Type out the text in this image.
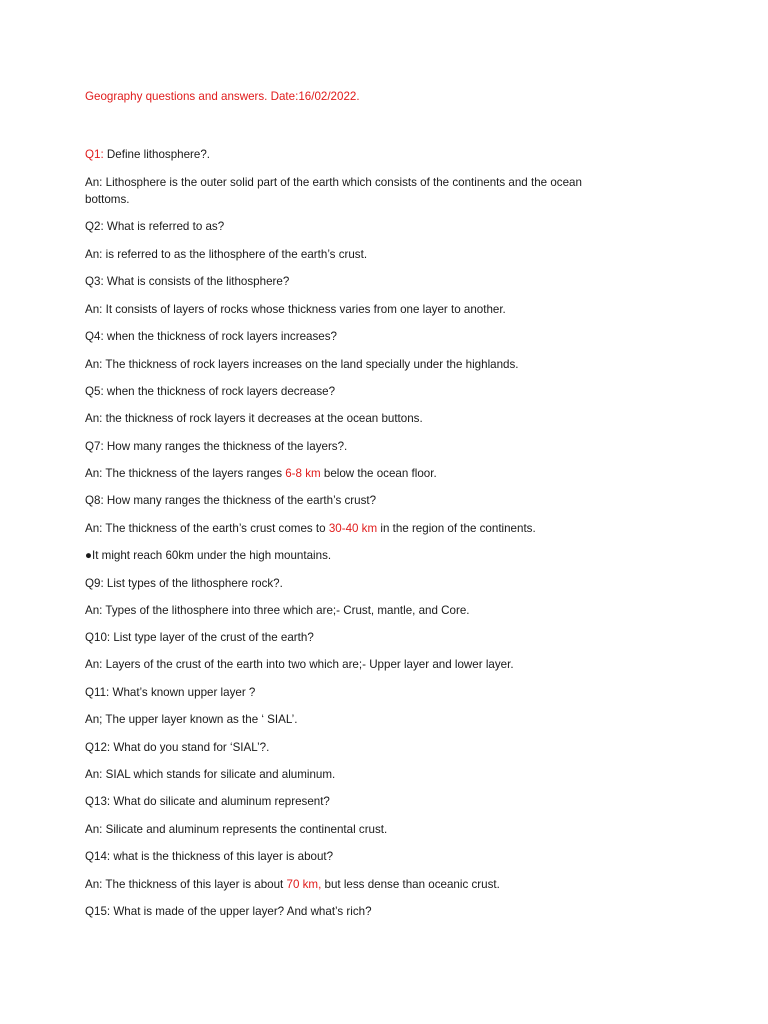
Geography questions and answers. Date:16/02/2022.
Q1: Define lithosphere?.
An: Lithosphere is the outer solid part of the earth which consists of the continents and the ocean bottoms.
Q2: What is referred to as?
An: is referred to as the lithosphere of the earth’s crust.
Q3: What is consists of the lithosphere?
An: It consists of layers of rocks whose thickness varies from one layer to another.
Q4: when the thickness of rock layers increases?
An: The thickness of rock layers increases on the land specially under the highlands.
Q5: when the thickness of rock layers decrease?
An: the thickness of rock layers it decreases at the ocean buttons.
Q7: How many ranges the thickness of the layers?.
An: The thickness of the layers ranges 6-8 km below the ocean floor.
Q8: How many ranges the thickness of the earth’s crust?
An: The thickness of the earth’s crust comes to 30-40 km in the region of the continents.
●It might reach 60km under the high mountains.
Q9: List types of the lithosphere rock?.
An: Types of the lithosphere into three which are;- Crust, mantle, and Core.
Q10: List type layer of the crust of the earth?
An: Layers of the crust of the earth into two which are;- Upper layer and lower layer.
Q11: What’s known upper layer ?
An; The upper layer known as the ‘ SIAL’.
Q12: What do you stand for ‘SIAL’?.
An: SIAL which stands for silicate and aluminum.
Q13: What do silicate and aluminum represent?
An: Silicate and aluminum represents the continental crust.
Q14: what is the thickness of this layer is about?
An: The thickness of this layer is about 70 km, but less dense than oceanic crust.
Q15: What is made of the upper layer? And what’s rich?
